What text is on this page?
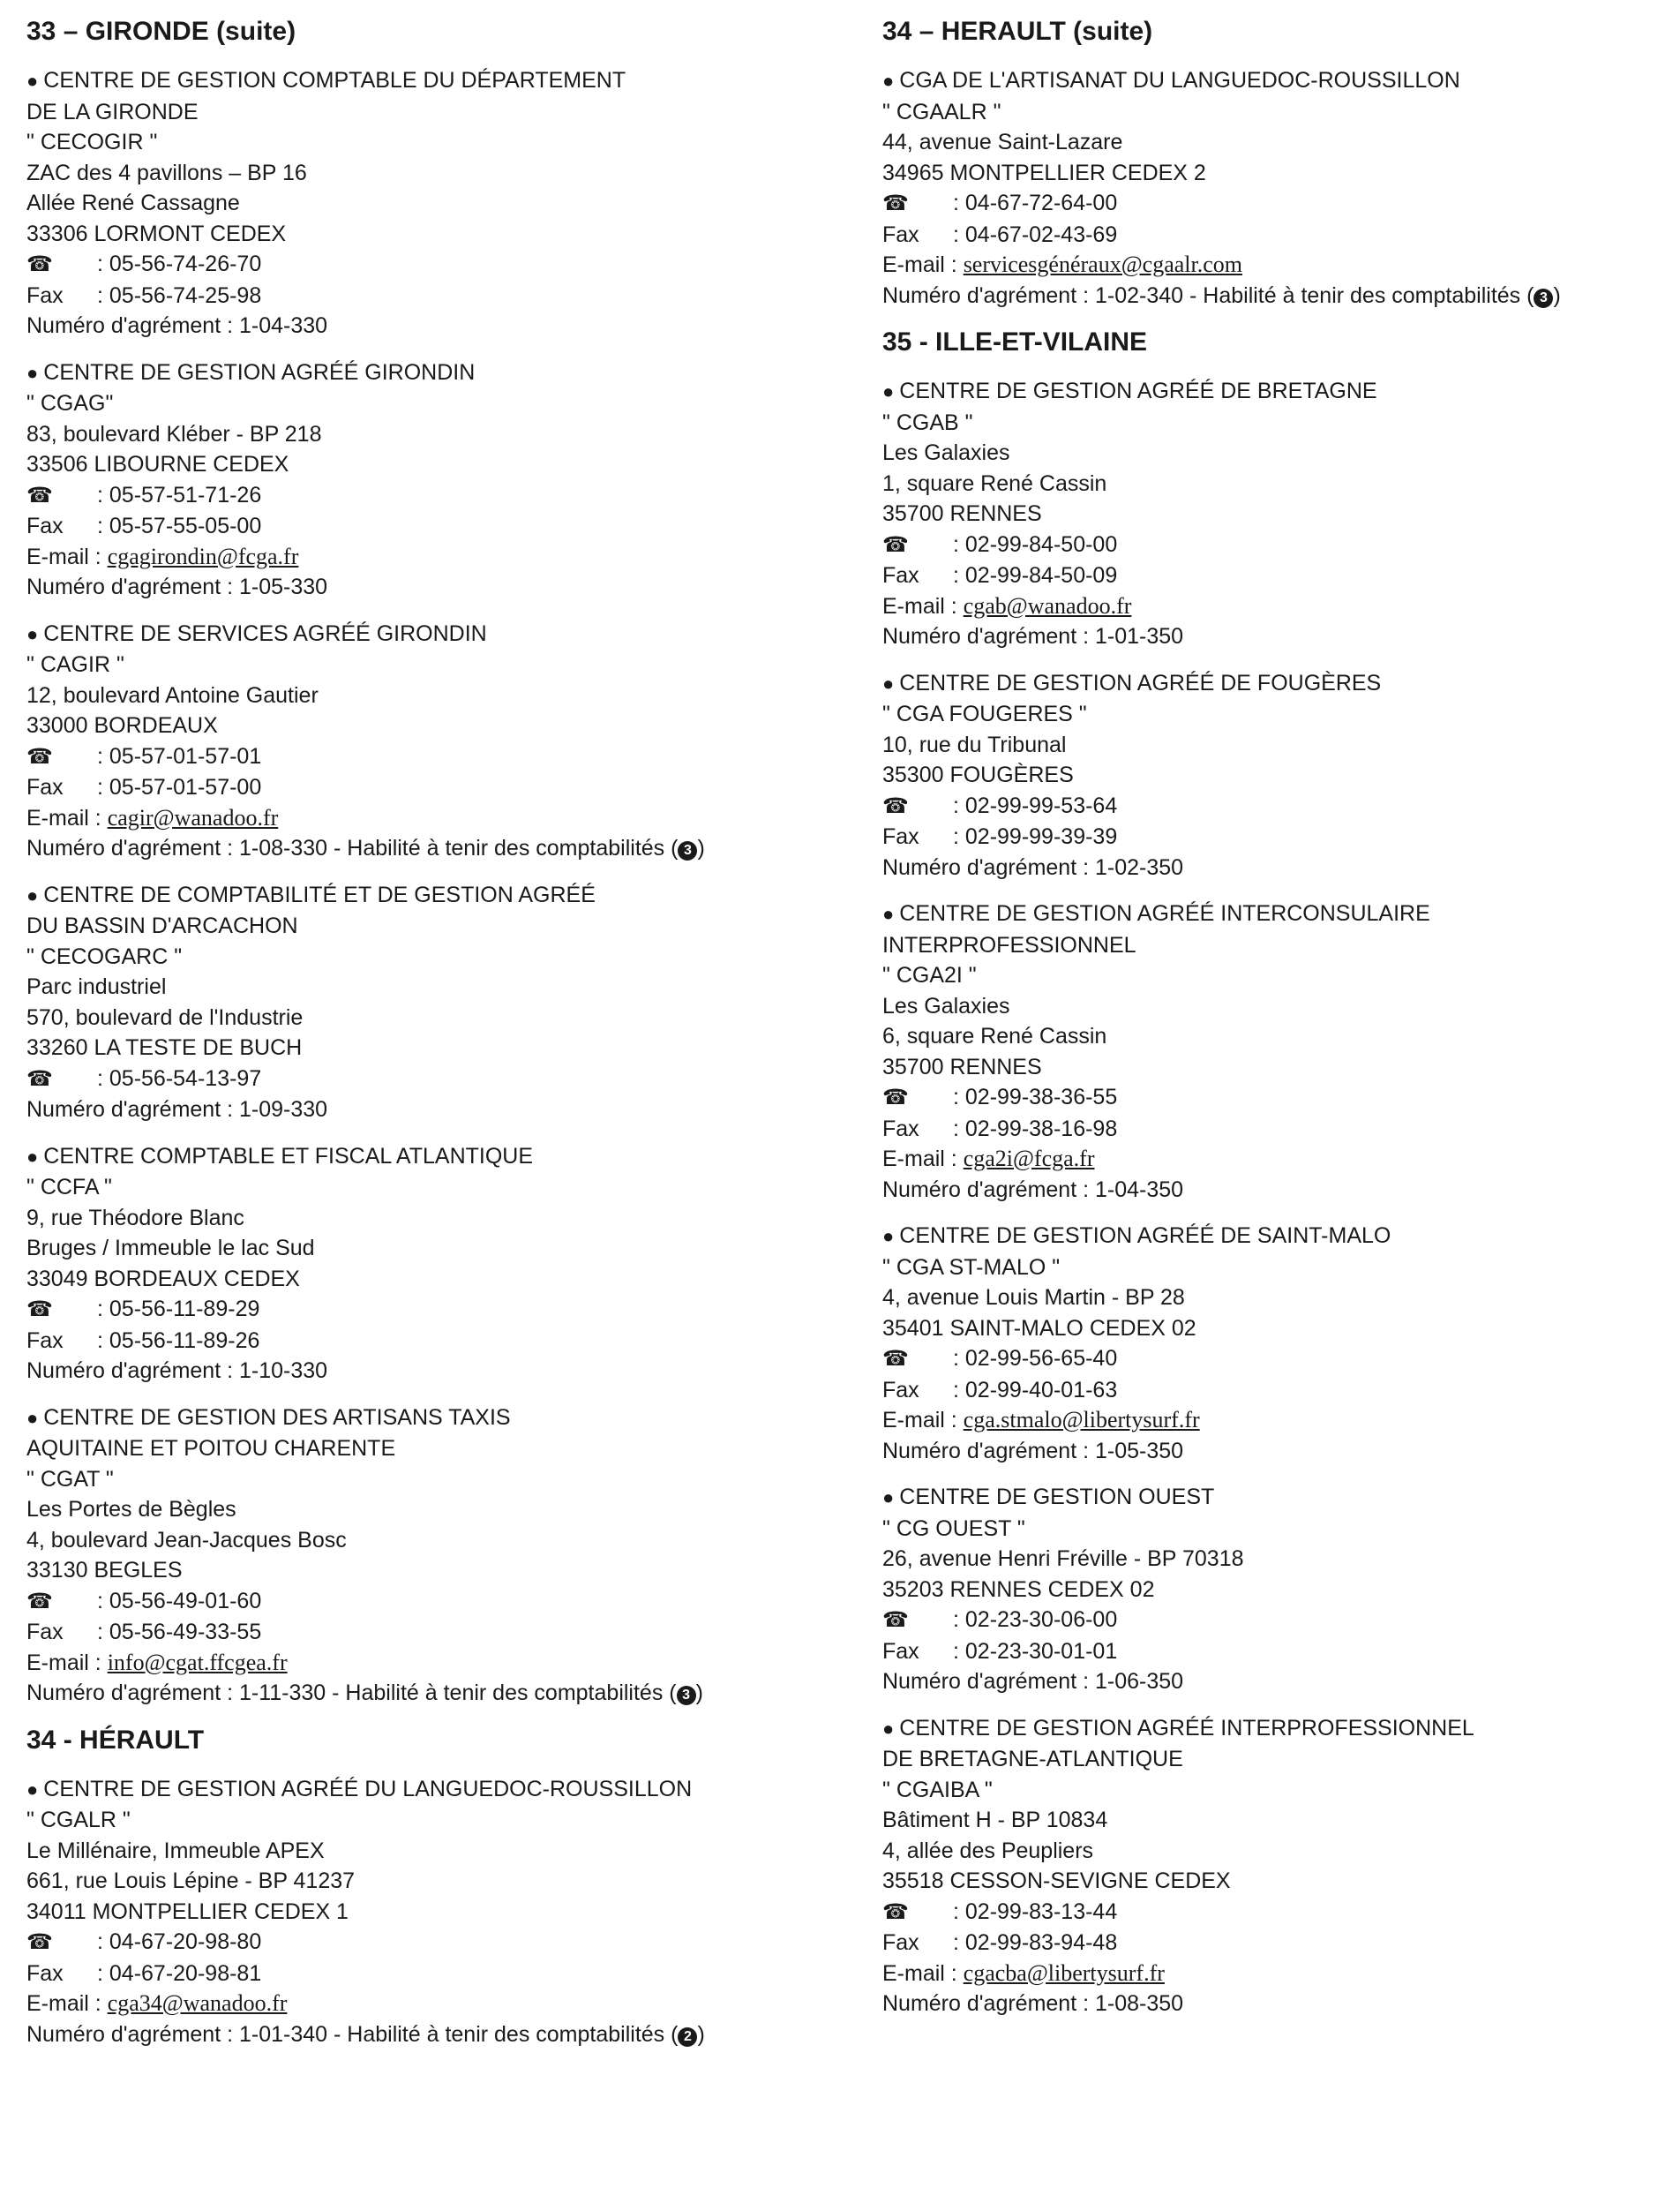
33 – GIRONDE (suite)
● CENTRE DE GESTION COMPTABLE DU DÉPARTEMENT
DE LA GIRONDE
" CECOGIR "
ZAC des 4 pavillons – BP 16
Allée René Cassagne
33306 LORMONT CEDEX
☎ : 05-56-74-26-70
Fax : 05-56-74-25-98
Numéro d'agrément : 1-04-330
● CENTRE DE GESTION AGRÉÉ GIRONDIN
" CGAG"
83, boulevard Kléber - BP 218
33506 LIBOURNE CEDEX
☎ : 05-57-51-71-26
Fax : 05-57-55-05-00
E-mail : cgagirondin@fcga.fr
Numéro d'agrément : 1-05-330
● CENTRE DE SERVICES AGRÉÉ GIRONDIN
" CAGIR "
12, boulevard Antoine Gautier
33000 BORDEAUX
☎ : 05-57-01-57-01
Fax : 05-57-01-57-00
E-mail : cagir@wanadoo.fr
Numéro d'agrément : 1-08-330 - Habilité à tenir des comptabilités ( 3 )
● CENTRE DE COMPTABILITÉ ET DE GESTION AGRÉÉ
DU BASSIN D'ARCACHON
" CECOGARC "
Parc industriel
570, boulevard de l'Industrie
33260 LA TESTE DE BUCH
☎ : 05-56-54-13-97
Numéro d'agrément : 1-09-330
● CENTRE COMPTABLE ET FISCAL ATLANTIQUE
" CCFA "
9, rue Théodore Blanc
Bruges / Immeuble le lac Sud
33049 BORDEAUX CEDEX
☎ : 05-56-11-89-29
Fax : 05-56-11-89-26
Numéro d'agrément : 1-10-330
● CENTRE DE GESTION DES ARTISANS TAXIS
AQUITAINE ET POITOU CHARENTE
" CGAT "
Les Portes de Bègles
4, boulevard Jean-Jacques Bosc
33130 BEGLES
☎ : 05-56-49-01-60
Fax : 05-56-49-33-55
E-mail : info@cgat.ffcgea.fr
Numéro d'agrément : 1-11-330 - Habilité à tenir des comptabilités ( 3 )
34 - HÉRAULT
● CENTRE DE GESTION AGRÉÉ DU LANGUEDOC-ROUSSILLON
" CGALR "
Le Millénaire, Immeuble APEX
661, rue Louis Lépine - BP 41237
34011 MONTPELLIER CEDEX 1
☎ : 04-67-20-98-80
Fax : 04-67-20-98-81
E-mail : cga34@wanadoo.fr
Numéro d'agrément : 1-01-340 - Habilité à tenir des comptabilités ( 2 )
34 – HERAULT (suite)
● CGA DE L'ARTISANAT DU LANGUEDOC-ROUSSILLON
" CGAALR "
44, avenue Saint-Lazare
34965 MONTPELLIER CEDEX 2
☎ : 04-67-72-64-00
Fax : 04-67-02-43-69
E-mail : servicesgénéraux@cgaalr.com
Numéro d'agrément : 1-02-340 - Habilité à tenir des comptabilités ( 3 )
35 - ILLE-ET-VILAINE
● CENTRE DE GESTION AGRÉÉ DE BRETAGNE
" CGAB "
Les Galaxies
1, square René Cassin
35700 RENNES
☎ : 02-99-84-50-00
Fax : 02-99-84-50-09
E-mail : cgab@wanadoo.fr
Numéro d'agrément : 1-01-350
● CENTRE DE GESTION AGRÉÉ DE FOUGÈRES
" CGA FOUGERES "
10, rue du Tribunal
35300 FOUGÈRES
☎ : 02-99-99-53-64
Fax : 02-99-99-39-39
Numéro d'agrément : 1-02-350
● CENTRE DE GESTION AGRÉÉ INTERCONSULAIRE
INTERPROFESSIONNEL
" CGA2I "
Les Galaxies
6, square René Cassin
35700 RENNES
☎ : 02-99-38-36-55
Fax : 02-99-38-16-98
E-mail : cga2i@fcga.fr
Numéro d'agrément : 1-04-350
● CENTRE DE GESTION AGRÉÉ DE SAINT-MALO
" CGA ST-MALO "
4, avenue Louis Martin - BP 28
35401 SAINT-MALO CEDEX 02
☎ : 02-99-56-65-40
Fax : 02-99-40-01-63
E-mail : cga.stmalo@libertysurf.fr
Numéro d'agrément : 1-05-350
● CENTRE DE GESTION OUEST
" CG OUEST "
26, avenue Henri Fréville - BP 70318
35203 RENNES CEDEX 02
☎ : 02-23-30-06-00
Fax : 02-23-30-01-01
Numéro d'agrément : 1-06-350
● CENTRE DE GESTION AGRÉÉ INTERPROFESSIONNEL
DE BRETAGNE-ATLANTIQUE
" CGAIBA "
Bâtiment H - BP 10834
4, allée des Peupliers
35518 CESSON-SEVIGNE CEDEX
☎ : 02-99-83-13-44
Fax : 02-99-83-94-48
E-mail : cgacba@libertysurf.fr
Numéro d'agrément : 1-08-350
